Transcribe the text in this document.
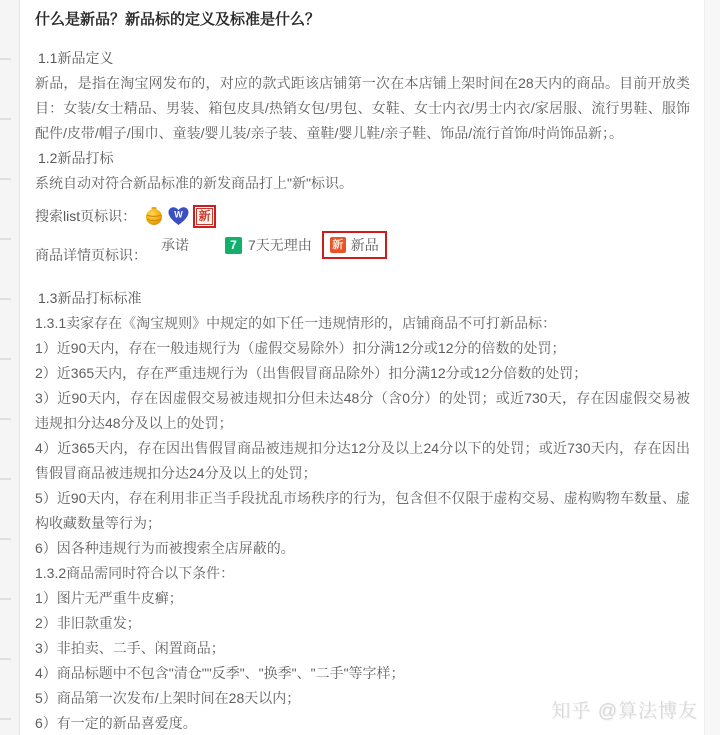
什么是新品？新品标的定义及标准是什么？

1.1新品定义

新品，是指在淘宝网发布的，对应的款式距该店铺第一次在本店铺上架时间在28天内的商品。目前开放类目：女装/女士精品、男装、箱包皮具/热销女包/男包、女鞋、女士内衣/男士内衣/家居服、流行男鞋、服饰配件/皮带/帽子/围巾、童装/婴儿装/亲子装、童鞋/婴儿鞋/亲子鞋、饰品/流行首饰/时尚饰品新；。

1.2新品打标

系统自动对符合新品标准的新发商品打上"新"标识。

搜索list页标识：	W 新
商品详情页标识：
承诺	7 7天无理由 新 新品

1.3新品打标标准

1.3.1卖家存在《淘宝规则》中规定的如下任一违规情形的，店铺商品不可打新品标：

1）近90天内，存在一般违规行为（虚假交易除外）扣分满12分或12分的倍数的处罚；

2）近365天内，存在严重违规行为（出售假冒商品除外）扣分满12分或12分倍数的处罚；

3）近90天内，存在因虚假交易被违规扣分但未达48分（含0分）的处罚；或近730天，存在因虚假交易被违规扣分达48分及以上的处罚；

4）近365天内，存在因出售假冒商品被违规扣分达12分及以上24分以下的处罚；或近730天内，存在因出售假冒商品被违规扣分达24分及以上的处罚；

5）近90天内，存在利用非正当手段扰乱市场秩序的行为，包含但不仅限于虚构交易、虚构购物车数量、虚构收藏数量等行为；

6）因各种违规行为而被搜索全店屏蔽的。

1.3.2商品需同时符合以下条件：

1）图片无严重牛皮癣；

2）非旧款重发；

3）非拍卖、二手、闲置商品；

4）商品标题中不包含"清仓""反季"、"换季"、"二手"等字样；

5）商品第一次发布/上架时间在28天以内；

6）有一定的新品喜爱度。

知乎 @算法博友
